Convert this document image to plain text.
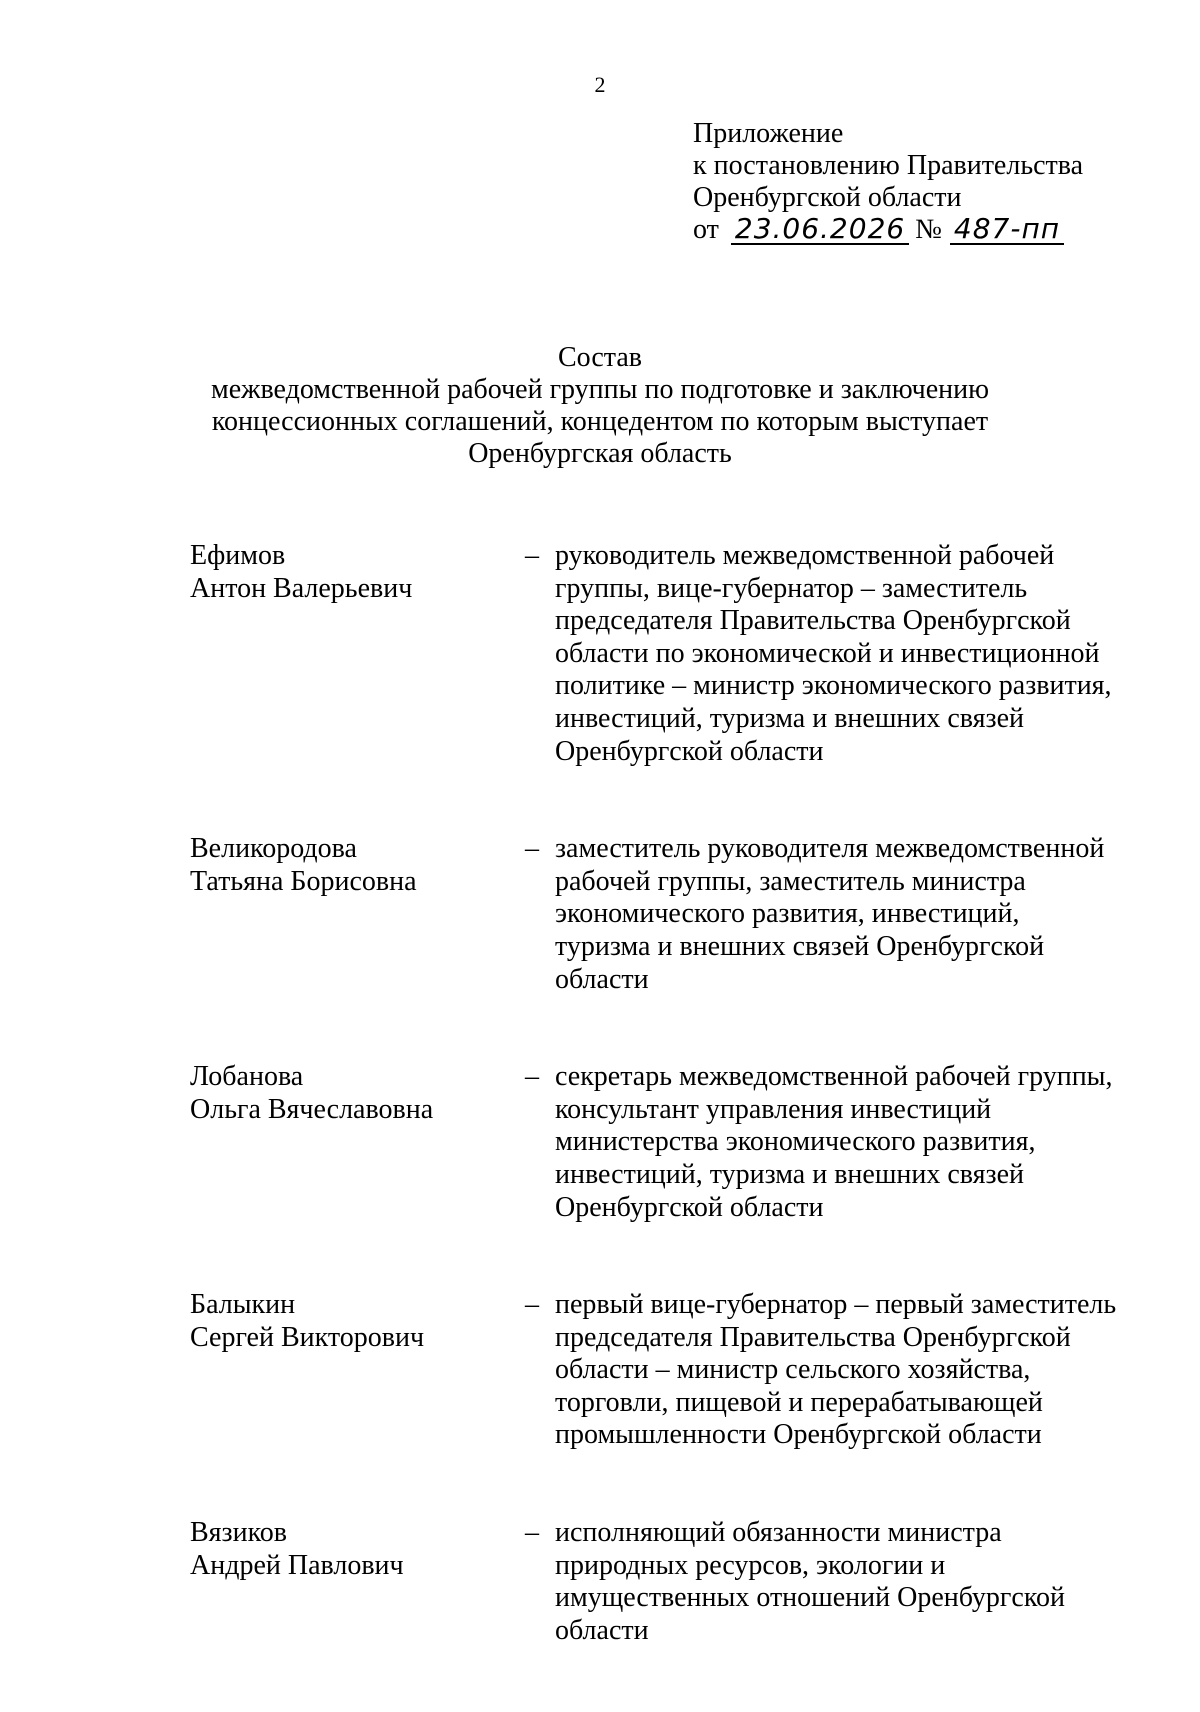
2
Приложение
к постановлению Правительства
Оренбургской области
от 23.06.2026 № 487-пп
Состав
межведомственной рабочей группы по подготовке и заключению
концессионных соглашений, концедентом по которым выступает
Оренбургская область
Ефимов
Антон Валерьевич
– руководитель межведомственной рабочей группы, вице-губернатор – заместитель председателя Правительства Оренбургской области по экономической и инвестиционной политике – министр экономического развития, инвестиций, туризма и внешних связей Оренбургской области
Великородова
Татьяна Борисовна
– заместитель руководителя межведомственной рабочей группы, заместитель министра экономического развития, инвестиций, туризма и внешних связей Оренбургской области
Лобанова
Ольга Вячеславовна
– секретарь межведомственной рабочей группы, консультант управления инвестиций министерства экономического развития, инвестиций, туризма и внешних связей Оренбургской области
Балыкин
Сергей Викторович
– первый вице-губернатор – первый заместитель председателя Правительства Оренбургской области – министр сельского хозяйства, торговли, пищевой и перерабатывающей промышленности Оренбургской области
Вязиков
Андрей Павлович
– исполняющий обязанности министра природных ресурсов, экологии и имущественных отношений Оренбургской области
